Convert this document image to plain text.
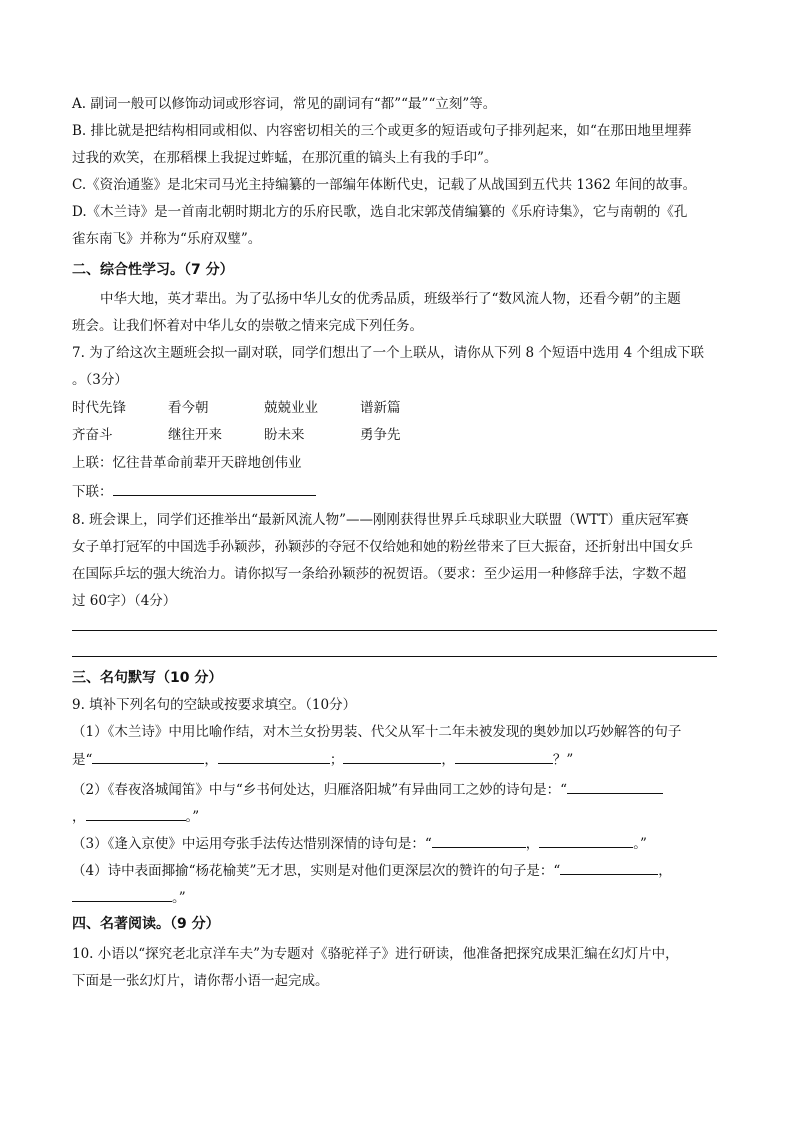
A. 副词一般可以修饰动词或形容词，常见的副词有“都”“最”“立刻”等。
B. 排比就是把结构相同或相似、内容密切相关的三个或更多的短语或句子排列起来，如“在那田地里埋葬
过我的欢笑，在那稻棵上我捉过蚱蜢，在那沉重的镐头上有我的手印”。
C.《资治通鉴》是北宋司马光主持编纂的一部编年体断代史，记载了从战国到五代共 1362 年间的故事。
D.《木兰诗》是一首南北朝时期北方的乐府民歌，选自北宋郭茂倩编纂的《乐府诗集》，它与南朝的《孔
雀东南飞》并称为“乐府双璧”。
二、综合性学习。（7 分）
中华大地，英才辈出。为了弘扬中华儿女的优秀品质，班级举行了“数风流人物，还看今朝”的主题
班会。让我们怀着对中华儿女的崇敬之情来完成下列任务。
7. 为了给这次主题班会拟一副对联，同学们想出了一个上联从，请你从下列 8 个短语中选用 4 个组成下联
。（3分）
时代先锋	看今朝	兢兢业业	谱新篇
齐奋斗	继往开来	盼未来	勇争先
上联：忆往昔革命前辈开天辟地创伟业
下联：
8. 班会课上，同学们还推举出“最新风流人物”——刚刚获得世界乒乓球职业大联盟（WTT）重庆冠军赛
女子单打冠军的中国选手孙颖莎，孙颖莎的夺冠不仅给她和她的粉丝带来了巨大振奋，还折射出中国女乒
在国际乒坛的强大统治力。请你拟写一条给孙颖莎的祝贺语。（要求：至少运用一种修辞手法，字数不超
过 60字）（4分）
三、名句默写（10 分）
9. 填补下列名句的空缺或按要求填空。（10分）
（1）《木兰诗》中用比喻作结，对木兰女扮男装、代父从军十二年未被发现的奥妙加以巧妙解答的句子
是“	，	；	，	？”
（2）《春夜洛城闻笛》中与“乡书何处达，归雁洛阳城”有异曲同工之妙的诗句是：“
，	。”
（3）《逢入京使》中运用夸张手法传达惜别深情的诗句是：“	，	。”
（4）诗中表面揶揄“杨花榆荚”无才思，实则是对他们更深层次的赞许的句子是：“	，
。”
四、名著阅读。（9 分）
10. 小语以“探究老北京洋车夫”为专题对《骆驼祥子》进行研读，他准备把探究成果汇编在幻灯片中，
下面是一张幻灯片，请你帮小语一起完成。
